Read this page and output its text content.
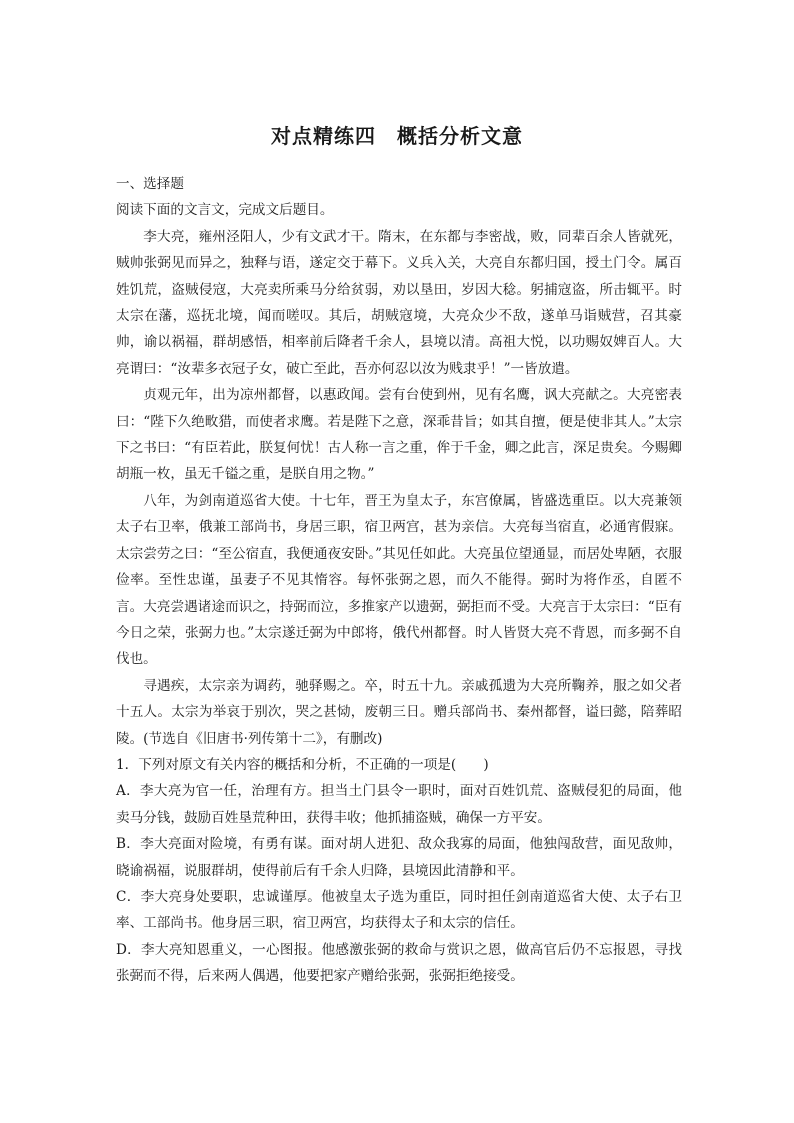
对点精练四　概括分析文意

一、选择题

阅读下面的文言文，完成文后题目。

李大亮，雍州泾阳人，少有文武才干。隋末，在东都与李密战，败，同辈百余人皆就死，贼帅张弼见而异之，独释与语，遂定交于幕下。义兵入关，大亮自东都归国，授土门令。属百姓饥荒，盗贼侵寇，大亮卖所乘马分给贫弱，劝以垦田，岁因大稔。躬捕寇盗，所击辄平。时太宗在藩，巡抚北境，闻而嗟叹。其后，胡贼寇境，大亮众少不敌，遂单马诣贼营，召其豪帅，谕以祸福，群胡感悟，相率前后降者千余人，县境以清。高祖大悦，以功赐奴婢百人。大亮谓曰：“汝辈多衣冠子女，破亡至此，吾亦何忍以汝为贱隶乎！”一皆放遣。

贞观元年，出为凉州都督，以惠政闻。尝有台使到州，见有名鹰，讽大亮献之。大亮密表曰：“陛下久绝畋猎，而使者求鹰。若是陛下之意，深乖昔旨；如其自擅，便是使非其人。”太宗下之书曰：“有臣若此，朕复何忧！古人称一言之重，侔于千金，卿之此言，深足贵矣。今赐卿胡瓶一枚，虽无千镒之重，是朕自用之物。”

八年，为剑南道巡省大使。十七年，晋王为皇太子，东宫僚属，皆盛选重臣。以大亮兼领太子右卫率，俄兼工部尚书，身居三职，宿卫两宫，甚为亲信。大亮每当宿直，必通宵假寐。太宗尝劳之曰：“至公宿直，我便通夜安卧。”其见任如此。大亮虽位望通显，而居处卑陋，衣服俭率。至性忠谨，虽妻子不见其惰容。每怀张弼之恩，而久不能得。弼时为将作丞，自匿不言。大亮尝遇诸途而识之，持弼而泣，多推家产以遗弼，弼拒而不受。大亮言于太宗曰：“臣有今日之荣，张弼力也。”太宗遂迁弼为中郎将，俄代州都督。时人皆贤大亮不背恩，而多弼不自伐也。

寻遇疾，太宗亲为调药，驰驿赐之。卒，时五十九。亲戚孤遗为大亮所鞠养，服之如父者十五人。太宗为举哀于别次，哭之甚恸，废朝三日。赠兵部尚书、秦州都督，谥曰懿，陪葬昭陵。(节选自《旧唐书·列传第十二》，有删改)

1．下列对原文有关内容的概括和分析，不正确的一项是(　　)

A．李大亮为官一任，治理有方。担当土门县令一职时，面对百姓饥荒、盗贼侵犯的局面，他卖马分钱，鼓励百姓垦荒种田，获得丰收；他抓捕盗贼，确保一方平安。

B．李大亮面对险境，有勇有谋。面对胡人进犯、敌众我寡的局面，他独闯敌营，面见敌帅，晓谕祸福，说服群胡，使得前后有千余人归降，县境因此清静和平。

C．李大亮身处要职，忠诚谨厚。他被皇太子选为重臣，同时担任剑南道巡省大使、太子右卫率、工部尚书。他身居三职，宿卫两宫，均获得太子和太宗的信任。

D．李大亮知恩重义，一心图报。他感激张弼的救命与赏识之恩，做高官后仍不忘报恩，寻找张弼而不得，后来两人偶遇，他要把家产赠给张弼，张弼拒绝接受。
